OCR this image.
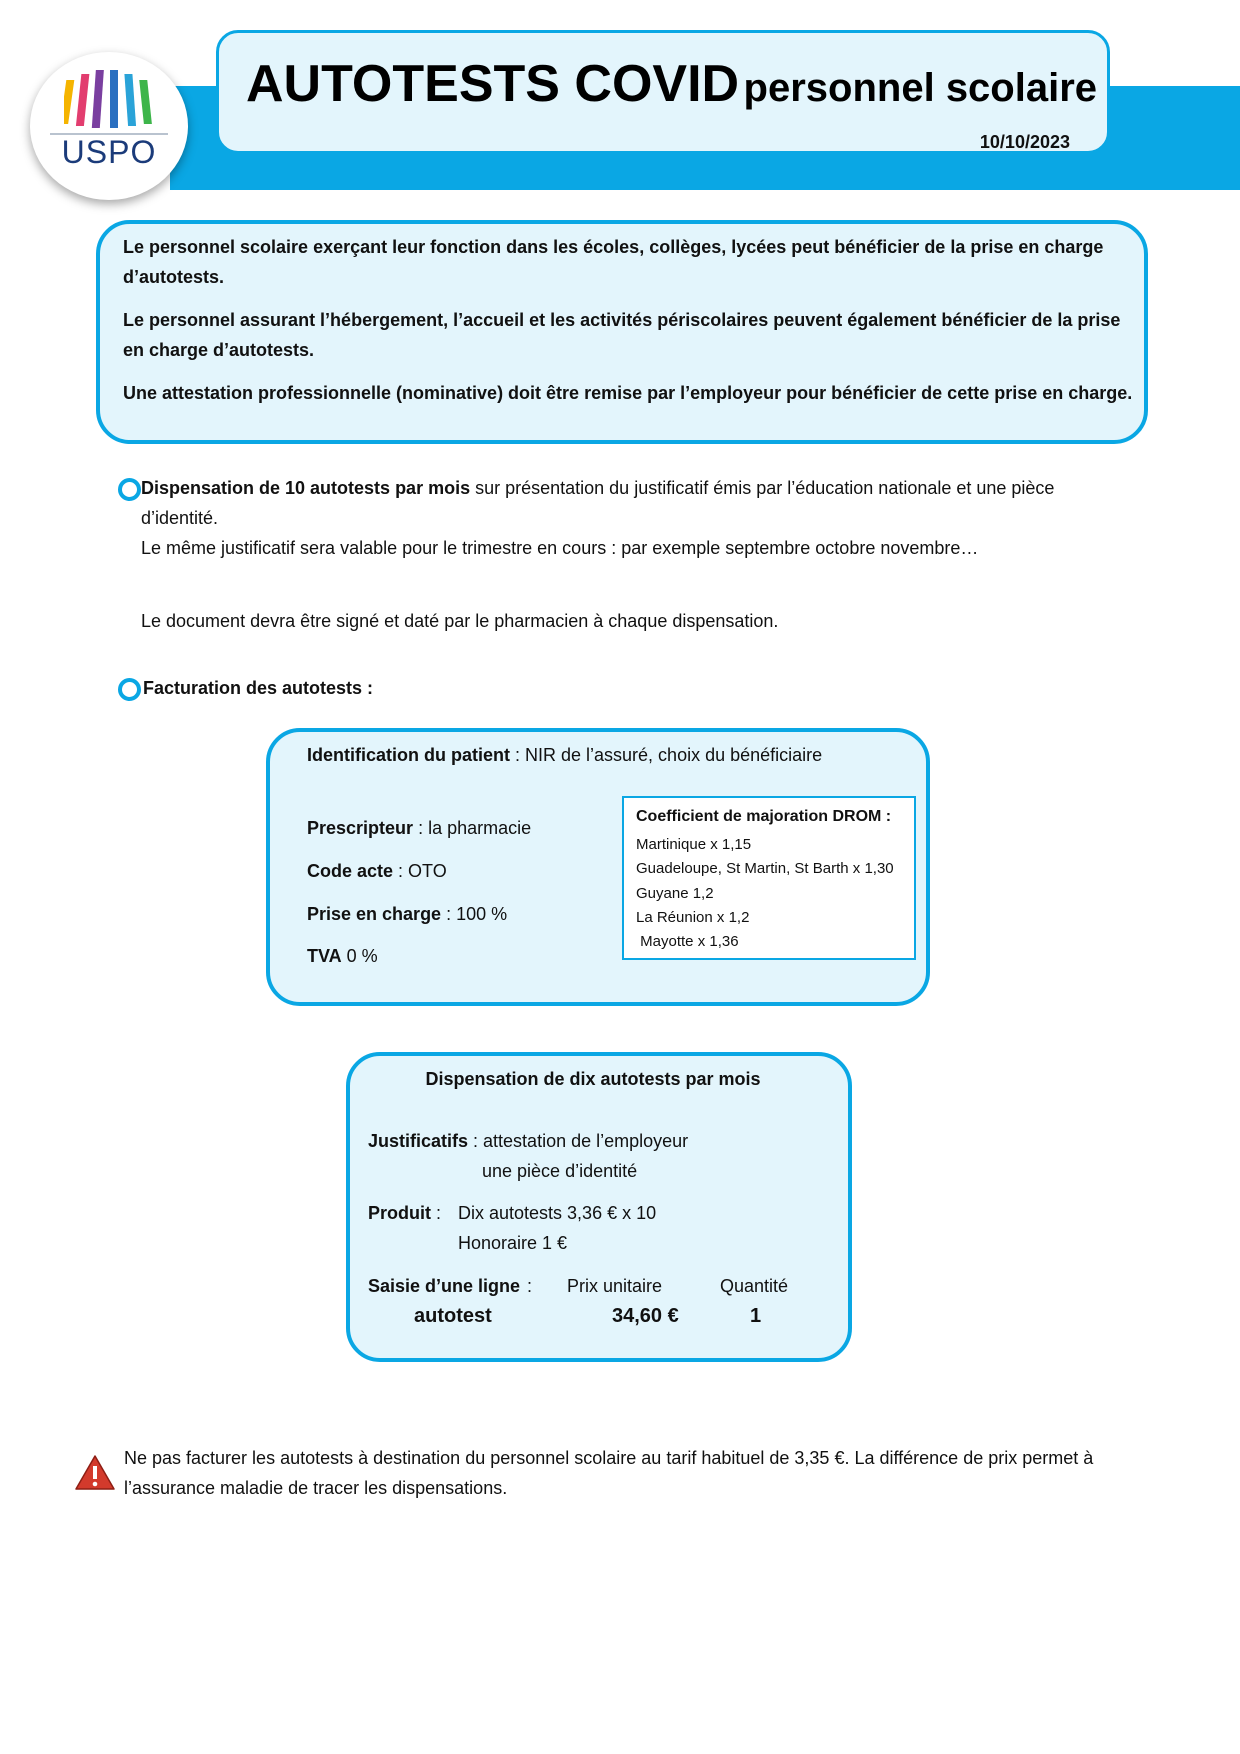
USPO
AUTOTESTS COVID personnel scolaire
10/10/2023
Le personnel scolaire exerçant leur fonction dans les écoles, collèges, lycées peut bénéficier de la prise en charge d’autotests.
Le personnel assurant l’hébergement, l’accueil et les activités périscolaires peuvent également bénéficier de la prise en charge d’autotests.
Une attestation professionnelle (nominative) doit être remise par l’employeur pour bénéficier de cette prise en charge.
Dispensation de 10 autotests par mois sur présentation du justificatif émis par l’éducation nationale et une pièce
d’identité.
Le même justificatif sera valable pour le trimestre en cours : par exemple septembre octobre novembre…
Le document devra être signé et daté par le pharmacien à chaque dispensation.
Facturation des autotests :
Identification du patient : NIR de l’assuré, choix du bénéficiaire
Prescripteur : la pharmacie
Code acte : OTO
Prise en charge : 100 %
TVA 0 %
Coefficient de majoration DROM :
Martinique x 1,15
Guadeloupe, St Martin, St Barth x 1,30
Guyane 1,2
La Réunion x 1,2
Mayotte x 1,36
Dispensation de dix autotests par mois
Justificatifs : attestation de l’employeur
une pièce d’identité
Produit : Dix autotests 3,36 € x 10
Honoraire 1 €
Saisie d’une ligne : Prix unitaire	Quantité
autotest	34,60 €	1
Ne pas facturer les autotests à destination du personnel scolaire au tarif habituel de 3,35 €. La différence de prix permet à
l’assurance maladie de tracer les dispensations.
